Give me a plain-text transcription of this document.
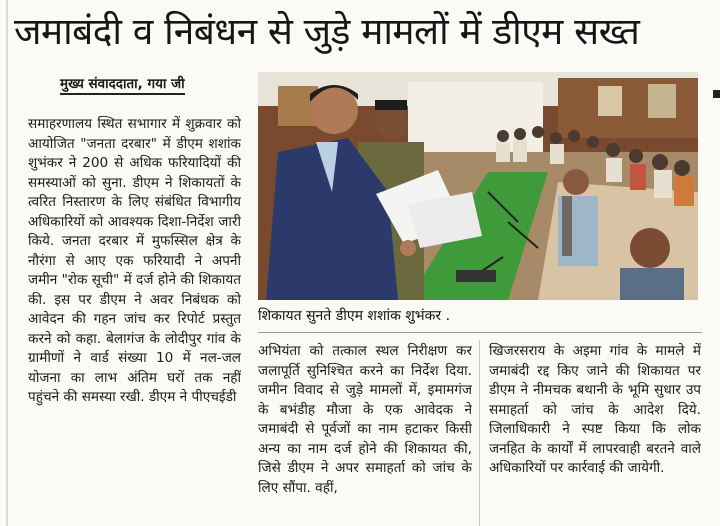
जमाबंदी व निबंधन से जुड़े मामलों में डीएम सख्त
मुख्य संवाददाता, गया जी

समाहरणालय स्थित सभागार में शुक्रवार को आयोजित "जनता दरबार" में डीएम शशांक शुभंकर ने 200 से अधिक फरियादियों की समस्याओं को सुना. डीएम ने शिकायतों के त्वरित निस्तारण के लिए संबंधित विभागीय अधिकारियों को आवश्यक दिशा-निर्देश जारी किये. जनता दरबार में मुफस्सिल क्षेत्र के नौरंगा से आए एक फरियादी ने अपनी जमीन "रोक सूची" में दर्ज होने की शिकायत की. इस पर डीएम ने अवर निबंधक को आवेदन की गहन जांच कर रिपोर्ट प्रस्तुत करने को कहा. बेलागंज के लोदीपुर गांव के ग्रामीणों ने वार्ड संख्या 10 में नल-जल योजना का लाभ अंतिम घरों तक नहीं पहुंचने की समस्या रखी. डीएम ने पीएचईडी

शिकायत सुनते डीएम शशांक शुभंकर .

अभियंता को तत्काल स्थल निरीक्षण कर जलापूर्ति सुनिश्चित करने का निर्देश दिया. जमीन विवाद से जुड़े मामलों में, इमामगंज के बभंडीह मौजा के एक आवेदक ने जमाबंदी से पूर्वजों का नाम हटाकर किसी अन्य का नाम दर्ज होने की शिकायत की, जिसे डीएम ने अपर समाहर्ता को जांच के लिए सौंपा. वहीं,

खिजरसराय के अइमा गांव के मामले में जमाबंदी रद्द किए जाने की शिकायत पर डीएम ने नीमचक बथानी के भूमि सुधार उप समाहर्ता को जांच के आदेश दिये. जिलाधिकारी ने स्पष्ट किया कि लोक जनहित के कार्यों में लापरवाही बरतने वाले अधिकारियों पर कार्रवाई की जायेगी.
